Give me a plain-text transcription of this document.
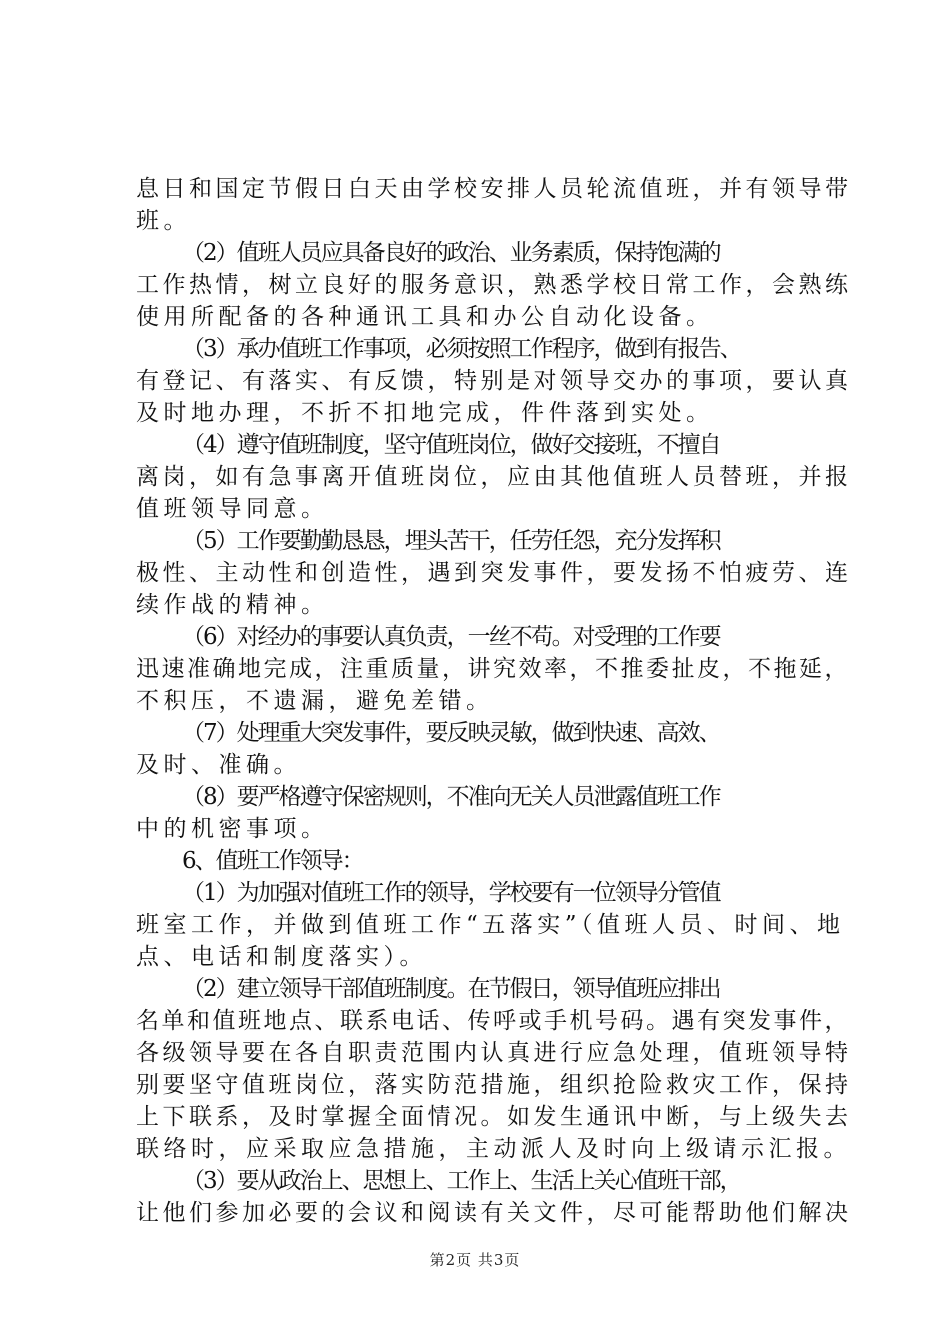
息日和国定节假日白天由学校安排人员轮流值班，并有领导带
班。
（2）值班人员应具备良好的政治、业务素质，保持饱满的
工作热情，树立良好的服务意识，熟悉学校日常工作，会熟练
使用所配备的各种通讯工具和办公自动化设备。
（3）承办值班工作事项，必须按照工作程序，做到有报告、
有登记、有落实、有反馈，特别是对领导交办的事项，要认真
及时地办理，不折不扣地完成，件件落到实处。
（4）遵守值班制度，坚守值班岗位，做好交接班，不擅自
离岗，如有急事离开值班岗位，应由其他值班人员替班，并报
值班领导同意。
（5）工作要勤勤恳恳，埋头苦干，任劳任怨，充分发挥积
极性、主动性和创造性，遇到突发事件，要发扬不怕疲劳、连
续作战的精神。
（6）对经办的事要认真负责，一丝不苟。对受理的工作要
迅速准确地完成，注重质量，讲究效率，不推委扯皮，不拖延，
不积压，不遗漏，避免差错。
（7）处理重大突发事件，要反映灵敏，做到快速、高效、
及时、准确。
（8）要严格遵守保密规则，不准向无关人员泄露值班工作
中的机密事项。
6、值班工作领导：
（1）为加强对值班工作的领导，学校要有一位领导分管值
班室工作，并做到值班工作“五落实”（值班人员、时间、地
点、电话和制度落实）。
（2）建立领导干部值班制度。在节假日，领导值班应排出
名单和值班地点、联系电话、传呼或手机号码。遇有突发事件，
各级领导要在各自职责范围内认真进行应急处理，值班领导特
别要坚守值班岗位，落实防范措施，组织抢险救灾工作，保持
上下联系，及时掌握全面情况。如发生通讯中断，与上级失去
联络时，应采取应急措施，主动派人及时向上级请示汇报。
（3）要从政治上、思想上、工作上、生活上关心值班干部，
让他们参加必要的会议和阅读有关文件，尽可能帮助他们解决
第2页 共3页
